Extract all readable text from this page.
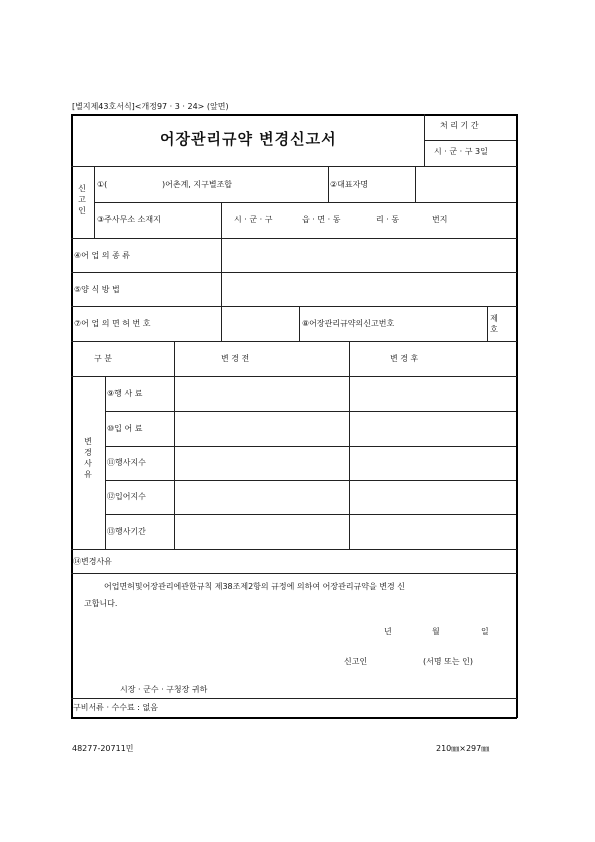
[별지제43호서식]<개정97 · 3 · 24> (앞면)
어장관리규약 변경신고서
처 리 기 간
시 · 군 · 구 3일
신고인
①(	)어촌계, 지구별조합	②대표자명
③주사무소 소재지	시 · 군 · 구	읍 · 면 · 동	리 · 동	번지
④어 업 의 종 류
⑤양 식 방 법
⑦어 업 의 면 허 번 호	⑧어장관리규약의신고번호
제호
구 분	변 경 전	변 경 후
변경사유
⑨행 사 료
⑩입 어 료
⑪행사지수
⑫입어지수
⑬행사기간
⑭변경사유
어업면허및어장관리에관한규칙 제38조제2항의 규정에 의하여 어장관리규약을 변경 신
고합니다.
년	월	일
신고인	(서명 또는 인)
시장 · 군수 · 구청장 귀하
구비서류 · 수수료 : 없음
48277-20711민	210㎜×297㎜
